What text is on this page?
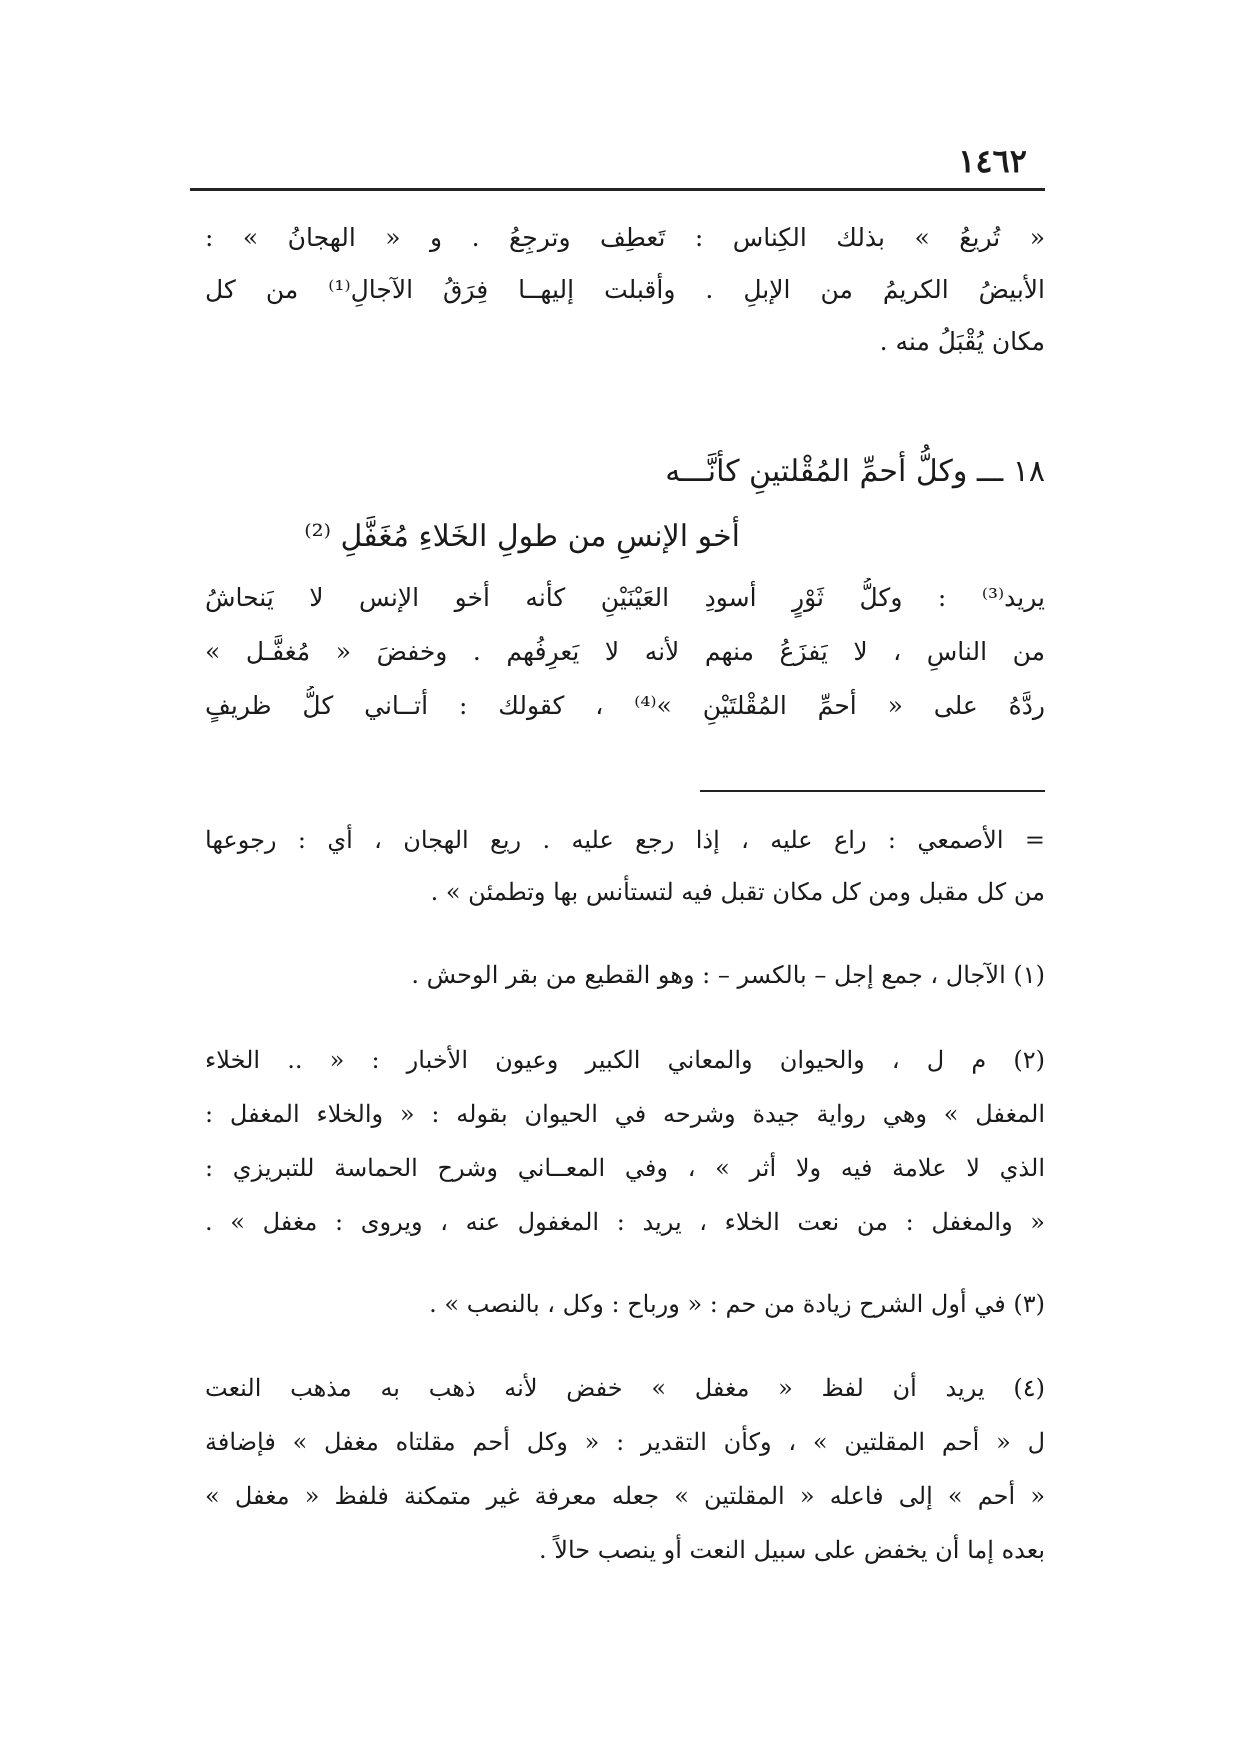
١٤٦٢
« تُريعُ » بذلك الكِناس : تَعطِف وترجِعُ . و « الهجانُ » :
الأبيضُ الكريمُ من الإبلِ . وأقبلت إليهــا فِرَقُ الآجالِ⁽¹⁾ من كل
مكان يُقْبَلُ منه .
١٨ ـــ وكلُّ أحمِّ المُقْلتينِ كأنَّـــه
أخو الإنسِ من طولِ الخَلاءِ مُغَفَّلِ ⁽²⁾
يريد⁽³⁾ : وكلُّ ثَوْرٍ أسودِ العَيْنَيْنِ كأنه أخو الإنس لا يَنحاشُ
من الناسِ ، لا يَفزَعُ منهم لأنه لا يَعرِفُهم . وخفضَ « مُغفَّـل »
ردَّهُ على « أحمِّ المُقْلتَيْنِ »⁽⁴⁾ ، كقولك : أتــاني كلُّ ظريفٍ
= الأصمعي : راع عليه ، إذا رجع عليه . ريع الهجان ، أي : رجوعها
من كل مقبل ومن كل مكان تقبل فيه لتستأنس بها وتطمئن » .
(١) الآجال ، جمع إجل – بالكسر – : وهو القطيع من بقر الوحش .
(٢) م ل ، والحيوان والمعاني الكبير وعيون الأخبار : « .. الخلاء
المغفل » وهي رواية جيدة وشرحه في الحيوان بقوله : « والخلاء المغفل :
الذي لا علامة فيه ولا أثر » ، وفي المعــاني وشرح الحماسة للتبريزي :
« والمغفل : من نعت الخلاء ، يريد : المغفول عنه ، ويروى : مغفل » .
(٣) في أول الشرح زيادة من حم : « ورباح : وكل ، بالنصب » .
(٤) يريد أن لفظ « مغفل » خفض لأنه ذهب به مذهب النعت
ل « أحم المقلتين » ، وكأن التقدير : « وكل أحم مقلتاه مغفل » فإضافة
« أحم » إلى فاعله « المقلتين » جعله معرفة غير متمكنة فلفظ « مغفل »
بعده إما أن يخفض على سبيل النعت أو ينصب حالاً .
